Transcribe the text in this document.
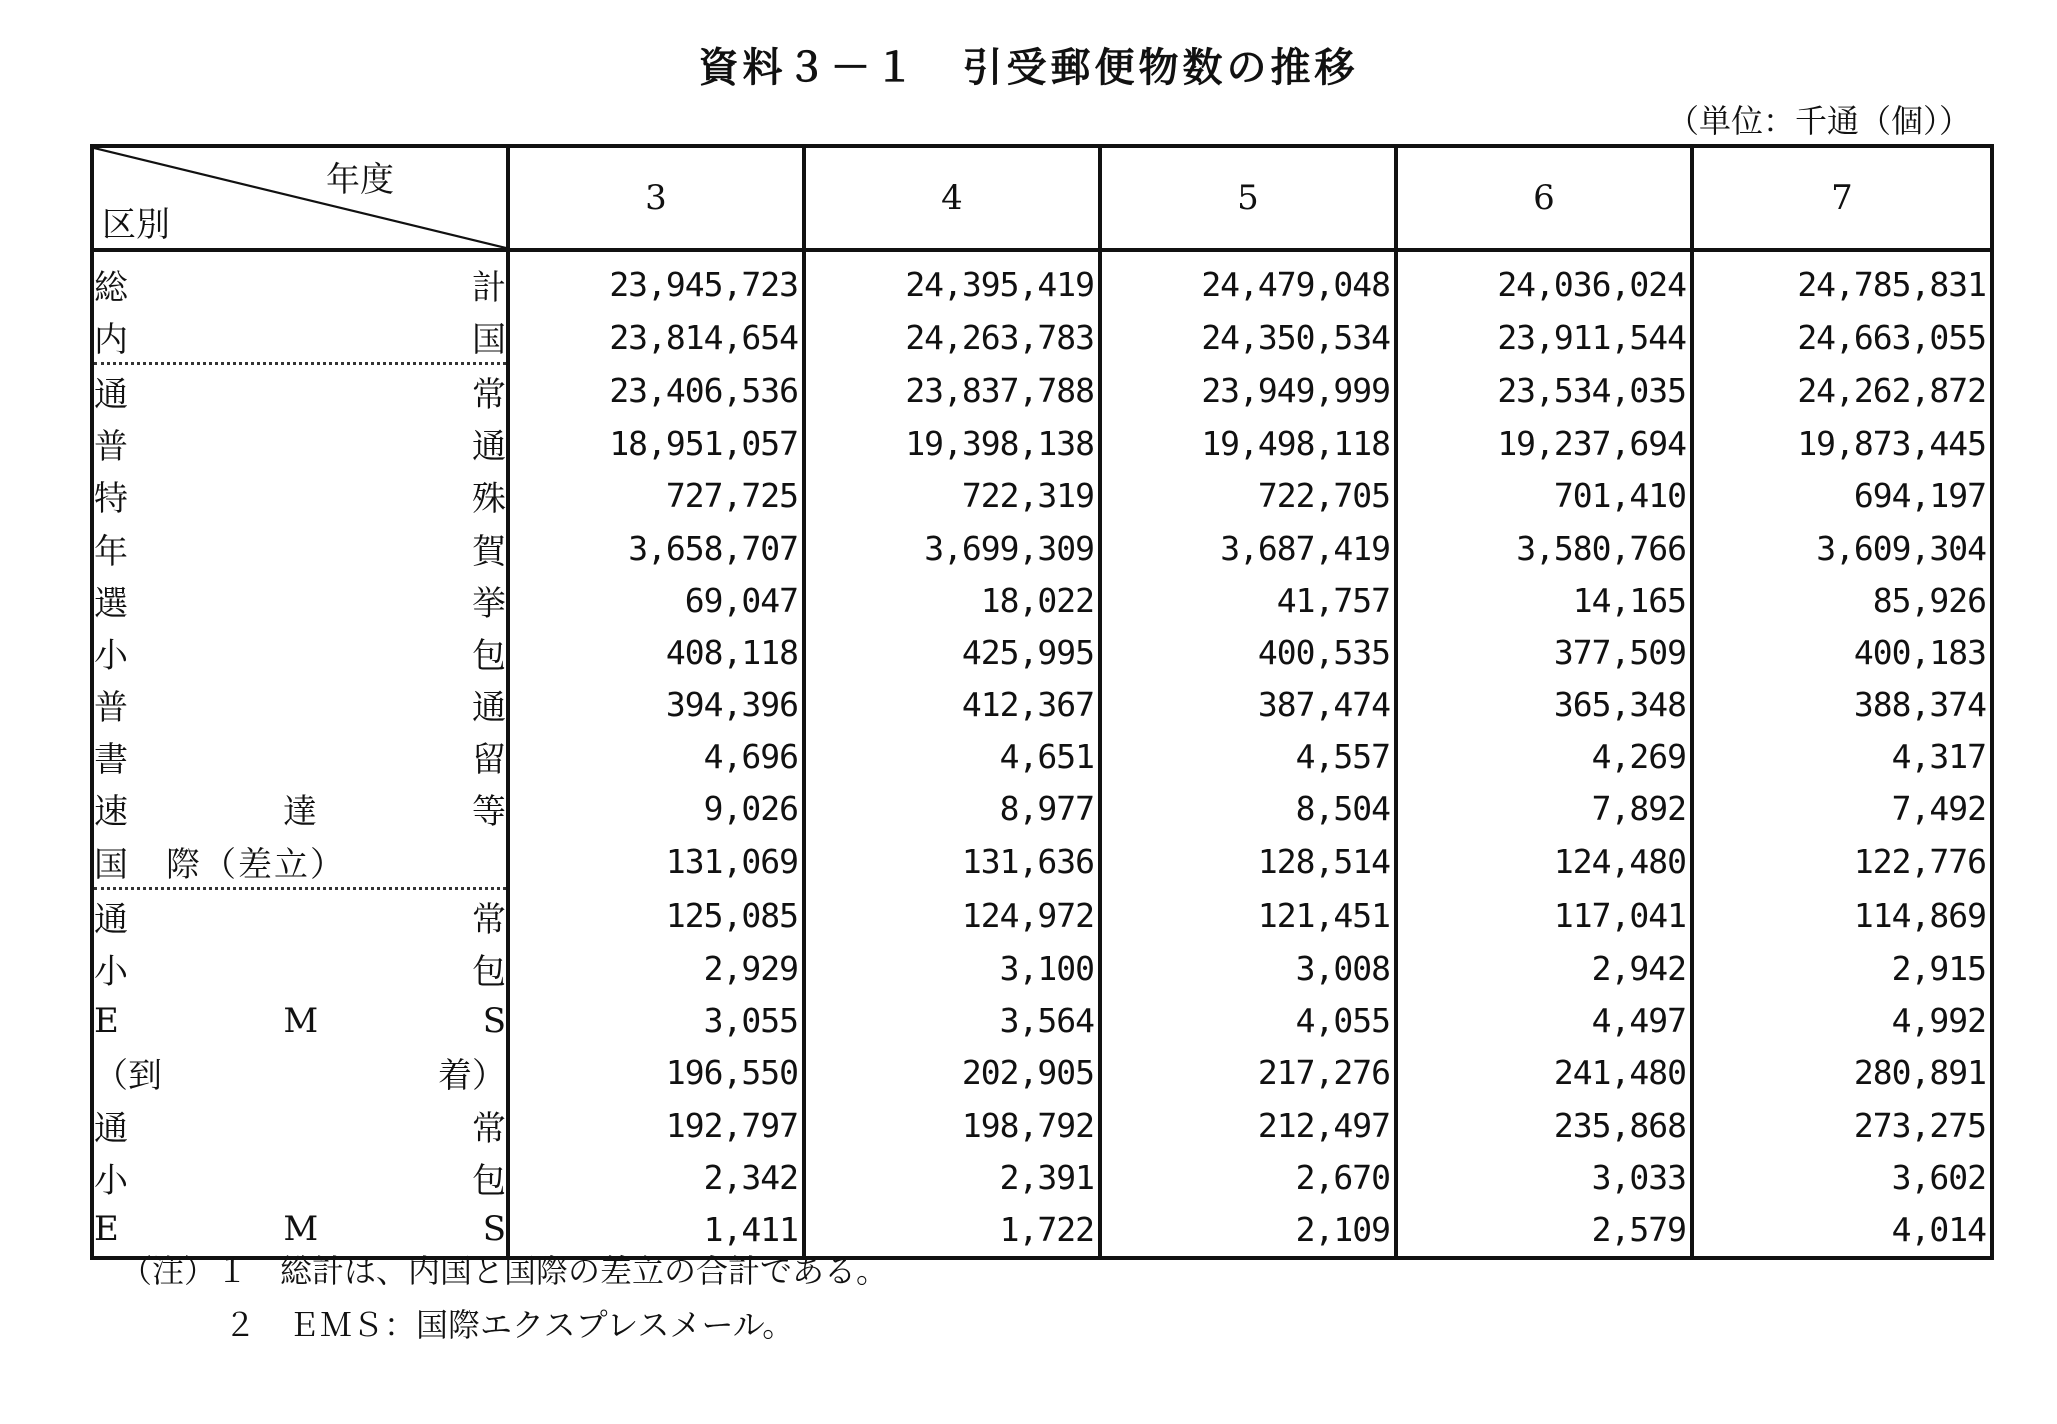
資料３－１　引受郵便物数の推移
（単位：千通（個））
年度
区別	3	4	5	6	7

総 計	23,945,723	24,395,419	24,479,048	24,036,024	24,785,831

内 国	23,814,654	24,263,783	24,350,534	23,911,544	24,663,055

通 常	23,406,536	23,837,788	23,949,999	23,534,035	24,262,872

普 通	18,951,057	19,398,138	19,498,118	19,237,694	19,873,445

特 殊	727,725	722,319	722,705	701,410	694,197

年 賀	3,658,707	3,699,309	3,687,419	3,580,766	3,609,304

選 挙	69,047	18,022	41,757	14,165	85,926

小 包	408,118	425,995	400,535	377,509	400,183

普 通	394,396	412,367	387,474	365,348	388,374

書 留	4,696	4,651	4,557	4,269	4,317

速 達 等	9,026	8,977	8,504	7,892	7,492

国　際（差立）	131,069	131,636	128,514	124,480	122,776

通 常	125,085	124,972	121,451	117,041	114,869

小 包	2,929	3,100	3,008	2,942	2,915

E M S	3,055	3,564	4,055	4,497	4,992

（到 着）	196,550	202,905	217,276	241,480	280,891

通 常	192,797	198,792	212,497	235,868	273,275

小 包	2,342	2,391	2,670	3,033	3,602

E M S	1,411	1,722	2,109	2,579	4,014
（注）１　総計は、内国と国際の差立の合計である。
２　ＥＭＳ：国際エクスプレスメール。
